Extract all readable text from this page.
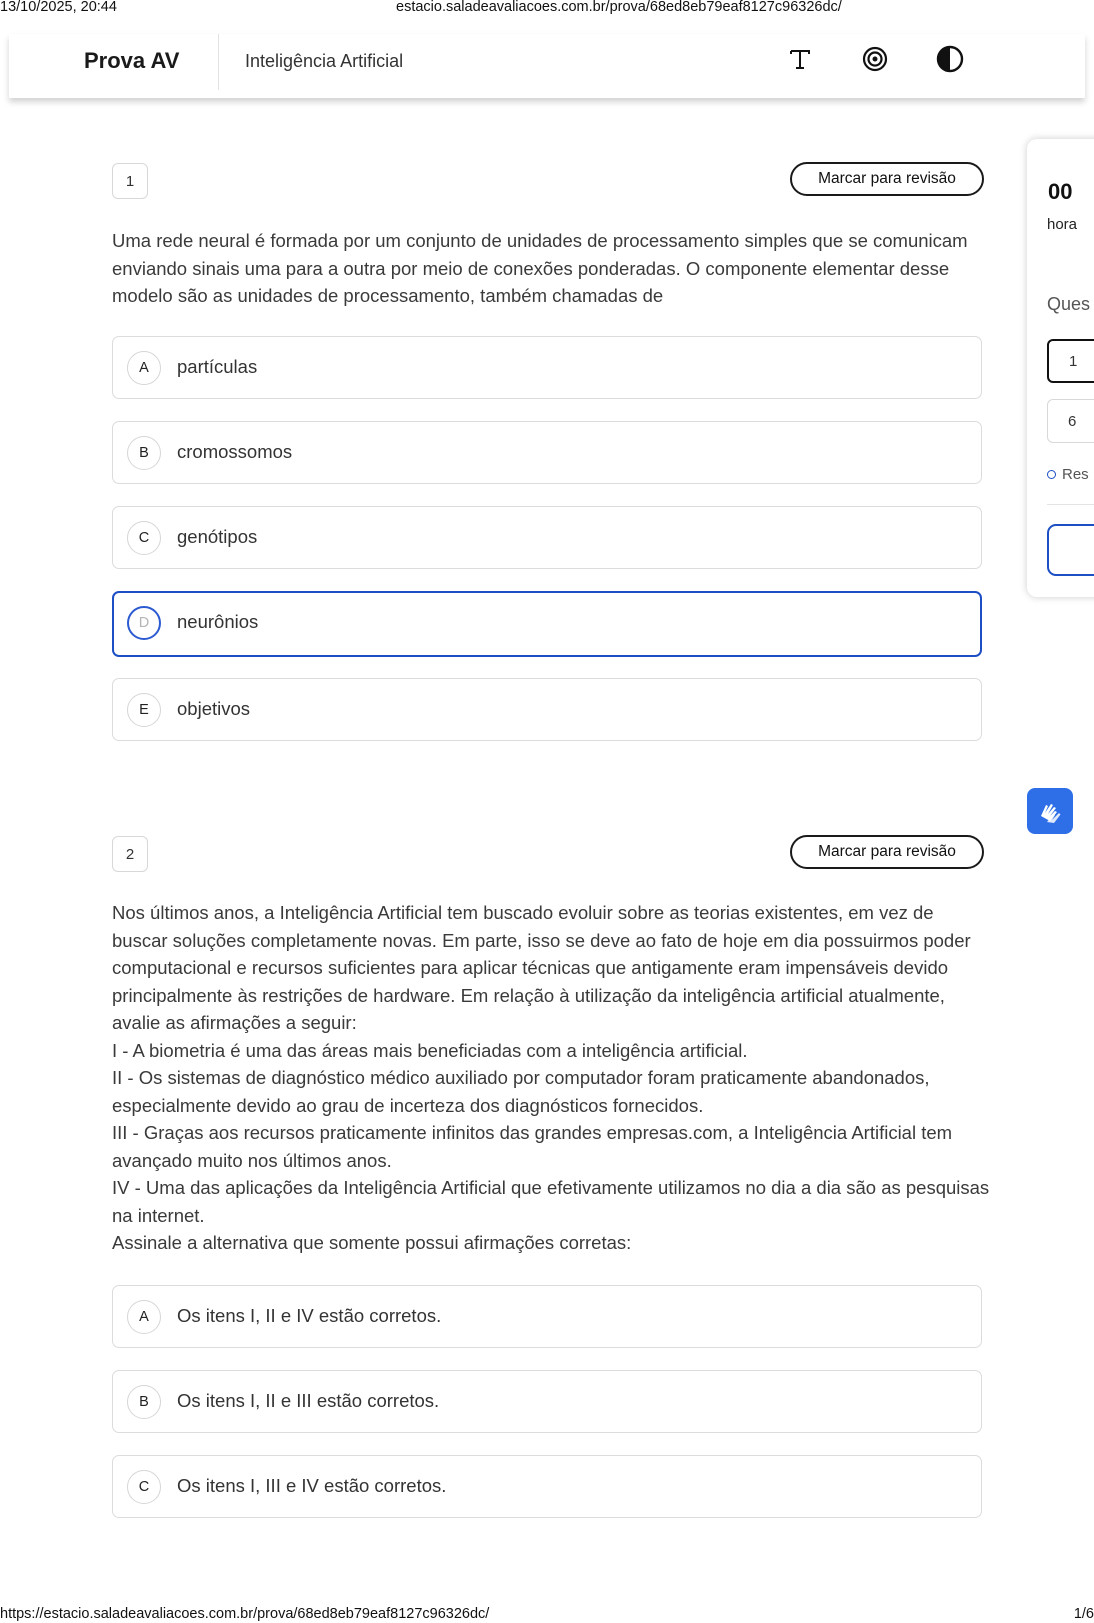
13/10/2025, 20:44	estacio.saladeavaliacoes.com.br/prova/68ed8eb79eaf8127c96326dc/
Prova AV	Inteligência Artificial
1	Marcar para revisão
Uma rede neural é formada por um conjunto de unidades de processamento simples que se comunicam enviando sinais uma para a outra por meio de conexões ponderadas. O componente elementar desse modelo são as unidades de processamento, também chamadas de
A	partículas
B	cromossomos
C	genótipos
D	neurônios
E	objetivos
2	Marcar para revisão
Nos últimos anos, a Inteligência Artificial tem buscado evoluir sobre as teorias existentes, em vez de buscar soluções completamente novas. Em parte, isso se deve ao fato de hoje em dia possuirmos poder computacional e recursos suficientes para aplicar técnicas que antigamente eram impensáveis devido principalmente às restrições de hardware. Em relação à utilização da inteligência artificial atualmente, avalie as afirmações a seguir:
I - A biometria é uma das áreas mais beneficiadas com a inteligência artificial.
II - Os sistemas de diagnóstico médico auxiliado por computador foram praticamente abandonados, especialmente devido ao grau de incerteza dos diagnósticos fornecidos.
III - Graças aos recursos praticamente infinitos das grandes empresas.com, a Inteligência Artificial tem avançado muito nos últimos anos.
IV - Uma das aplicações da Inteligência Artificial que efetivamente utilizamos no dia a dia são as pesquisas na internet.
Assinale a alternativa que somente possui afirmações corretas:
A	Os itens I, II e IV estão corretos.
B	Os itens I, II e III estão corretos.
C	Os itens I, III e IV estão corretos.
00
hora
Ques
1
6
Res
https://estacio.saladeavaliacoes.com.br/prova/68ed8eb79eaf8127c96326dc/	1/6
